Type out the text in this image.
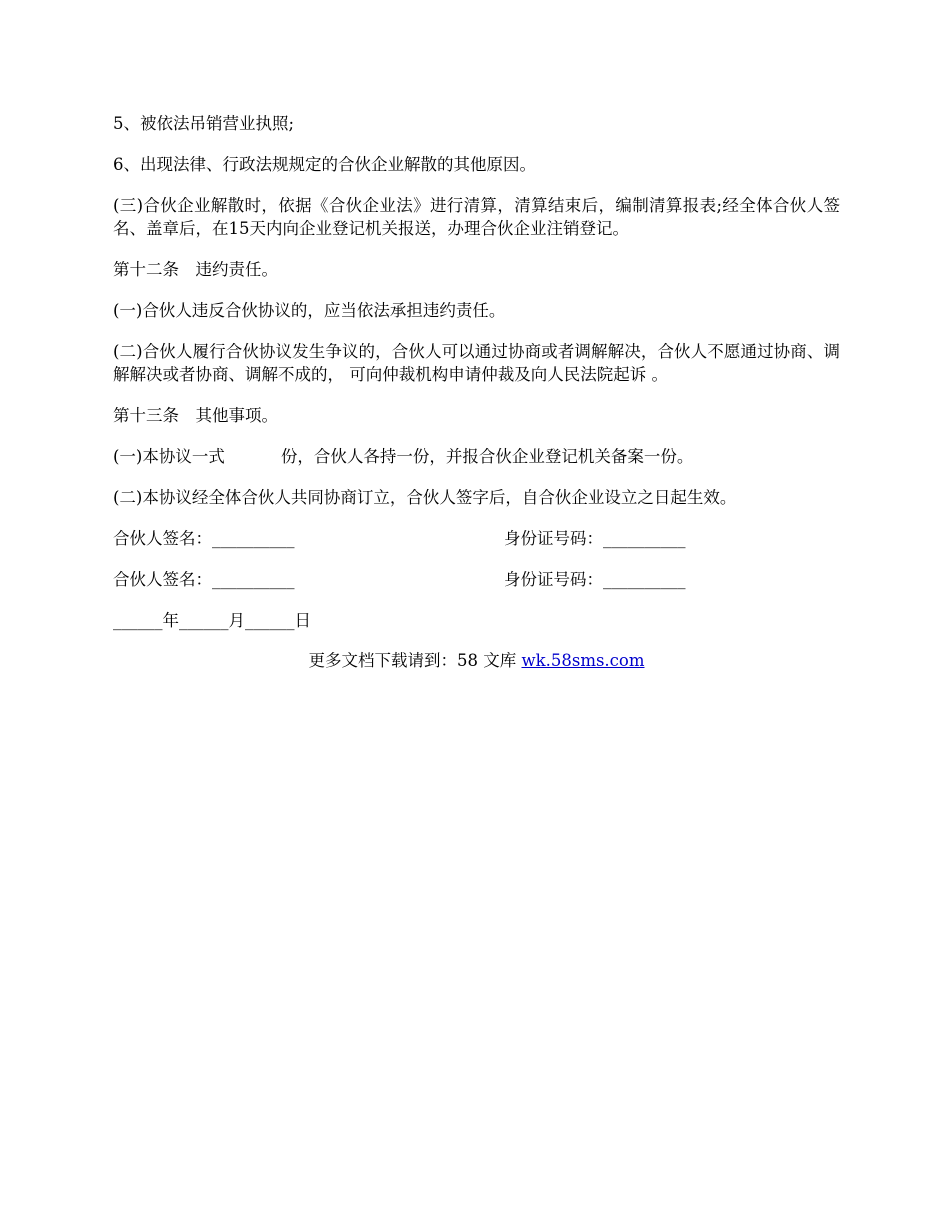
5、被依法吊销营业执照;

6、出现法律、行政法规规定的合伙企业解散的其他原因。

(三)合伙企业解散时，依据《合伙企业法》进行清算，清算结束后，编制清算报表;经全体合伙人签名、盖章后，在15天内向企业登记机关报送，办理合伙企业注销登记。

第十二条　违约责任。

(一)合伙人违反合伙协议的，应当依法承担违约责任。

(二)合伙人履行合伙协议发生争议的，合伙人可以通过协商或者调解解决，合伙人不愿通过协商、调解解决或者协商、调解不成的， 可向仲裁机构申请仲裁及向人民法院起诉 。

第十三条　其他事项。

(一)本协议一式	份，合伙人各持一份，并报合伙企业登记机关备案一份。

(二)本协议经全体合伙人共同协商订立，合伙人签字后，自合伙企业设立之日起生效。

合伙人签名：__________	身份证号码：__________
合伙人签名：__________	身份证号码：__________
______年______月______日
更多文档下载请到：58 文库 wk.58sms.com
